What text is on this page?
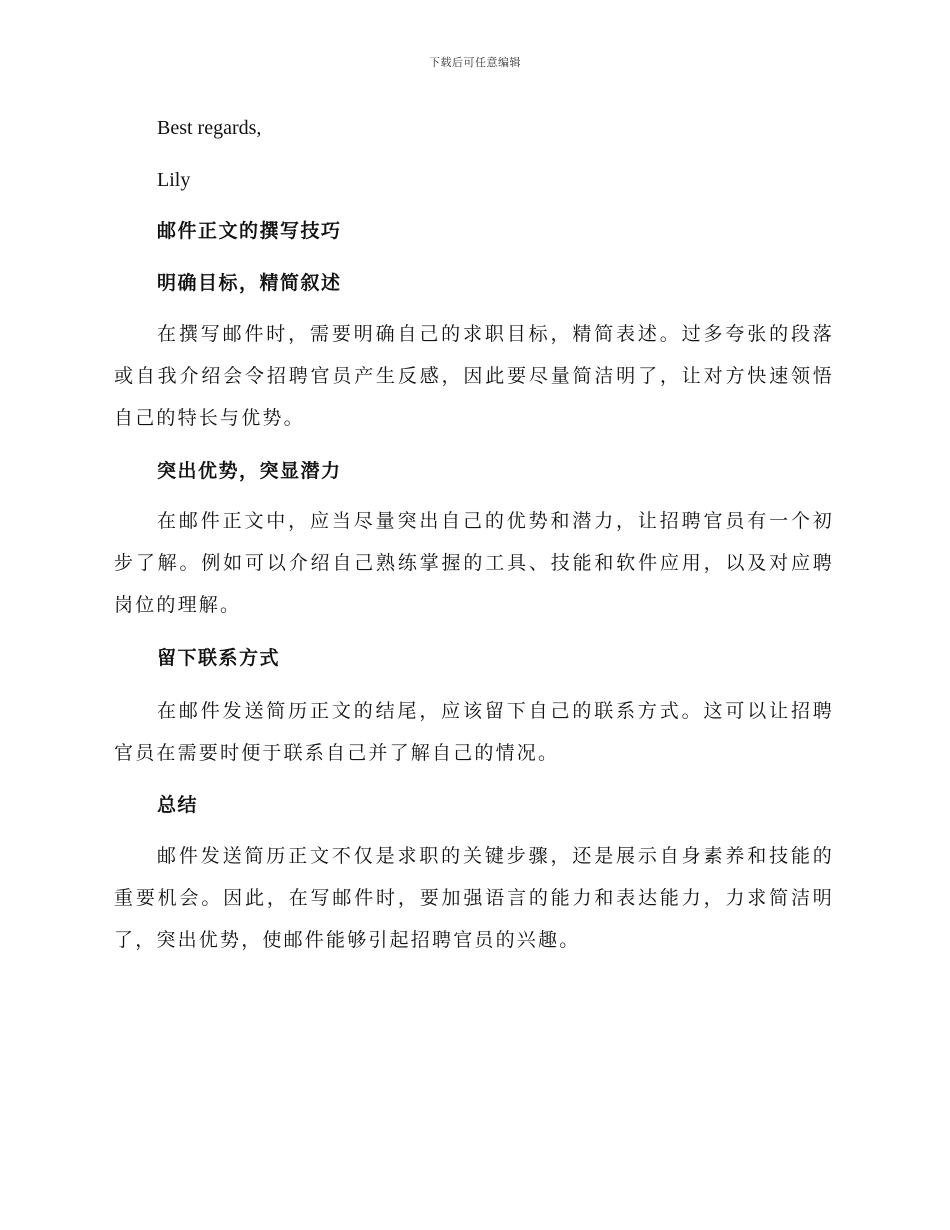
下载后可任意编辑
Best regards,
Lily
邮件正文的撰写技巧
明确目标，精简叙述

在撰写邮件时，需要明确自己的求职目标，精简表述。过多夸张的段落或自我介绍会令招聘官员产生反感，因此要尽量简洁明了，让对方快速领悟自己的特长与优势。

突出优势，突显潜力

在邮件正文中，应当尽量突出自己的优势和潜力，让招聘官员有一个初步了解。例如可以介绍自己熟练掌握的工具、技能和软件应用，以及对应聘岗位的理解。

留下联系方式

在邮件发送简历正文的结尾，应该留下自己的联系方式。这可以让招聘官员在需要时便于联系自己并了解自己的情况。

总结

邮件发送简历正文不仅是求职的关键步骤，还是展示自身素养和技能的重要机会。因此，在写邮件时，要加强语言的能力和表达能力，力求简洁明了，突出优势，使邮件能够引起招聘官员的兴趣。
